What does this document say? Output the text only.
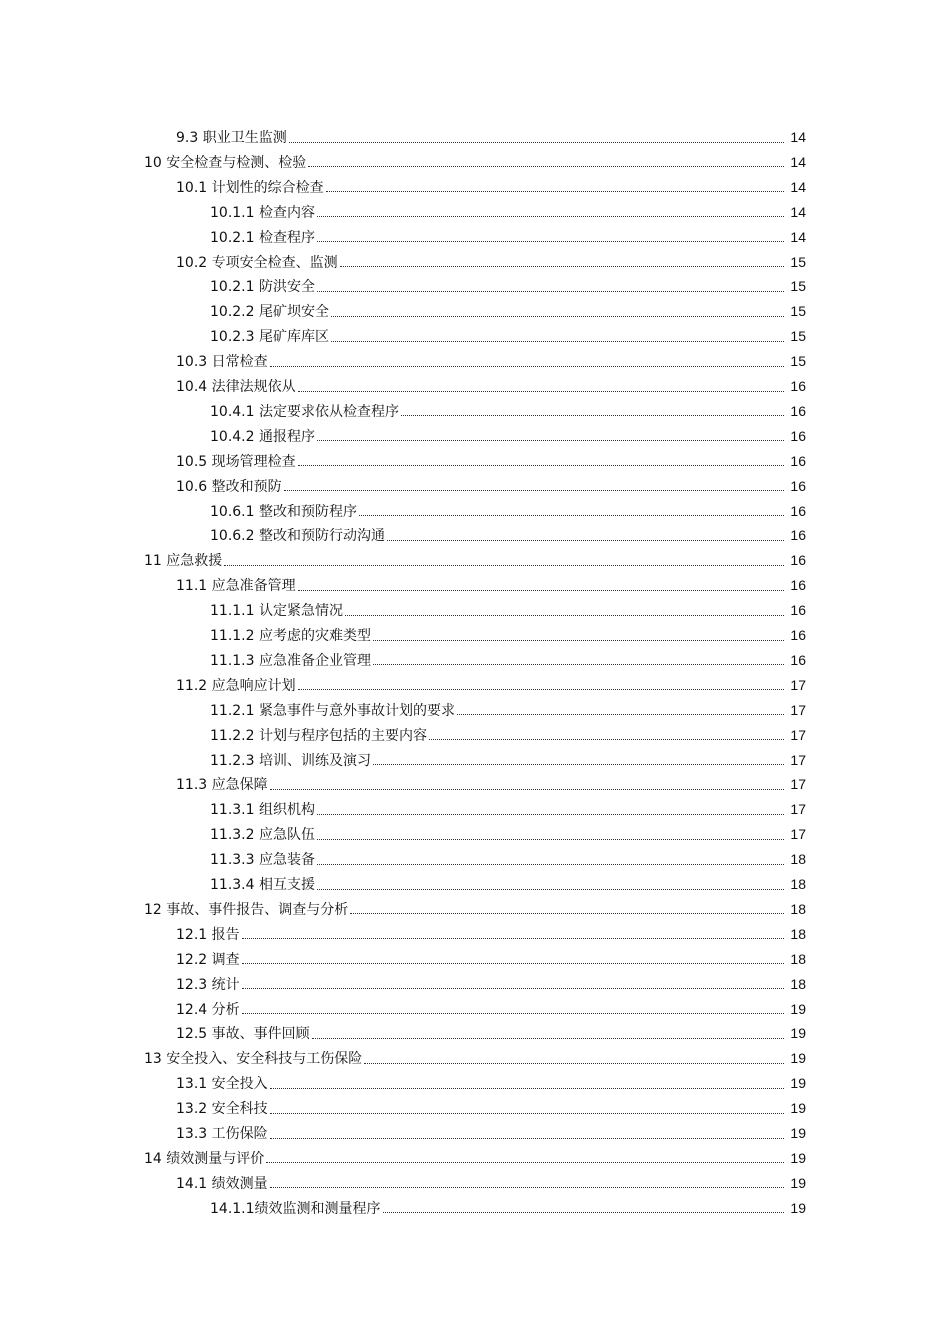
9.3 职业卫生监测	14
10 安全检查与检测、检验	14
10.1 计划性的综合检查	14
10.1.1 检查内容	14
10.2.1 检查程序	14
10.2 专项安全检查、监测	15
10.2.1 防洪安全	15
10.2.2 尾矿坝安全	15
10.2.3 尾矿库库区	15
10.3 日常检查	15
10.4 法律法规依从	16
10.4.1 法定要求依从检查程序	16
10.4.2 通报程序	16
10.5 现场管理检查	16
10.6 整改和预防	16
10.6.1 整改和预防程序	16
10.6.2 整改和预防行动沟通	16
11 应急救援	16
11.1 应急准备管理	16
11.1.1 认定紧急情况	16
11.1.2 应考虑的灾难类型	16
11.1.3 应急准备企业管理	16
11.2 应急响应计划	17
11.2.1 紧急事件与意外事故计划的要求	17
11.2.2 计划与程序包括的主要内容	17
11.2.3 培训、训练及演习	17
11.3 应急保障	17
11.3.1 组织机构	17
11.3.2 应急队伍	17
11.3.3 应急装备	18
11.3.4 相互支援	18
12 事故、事件报告、调查与分析	18
12.1 报告	18
12.2 调查	18
12.3 统计	18
12.4 分析	19
12.5 事故、事件回顾	19
13 安全投入、安全科技与工伤保险	19
13.1 安全投入	19
13.2 安全科技	19
13.3 工伤保险	19
14 绩效测量与评价	19
14.1 绩效测量	19
14.1.1绩效监测和测量程序	19
